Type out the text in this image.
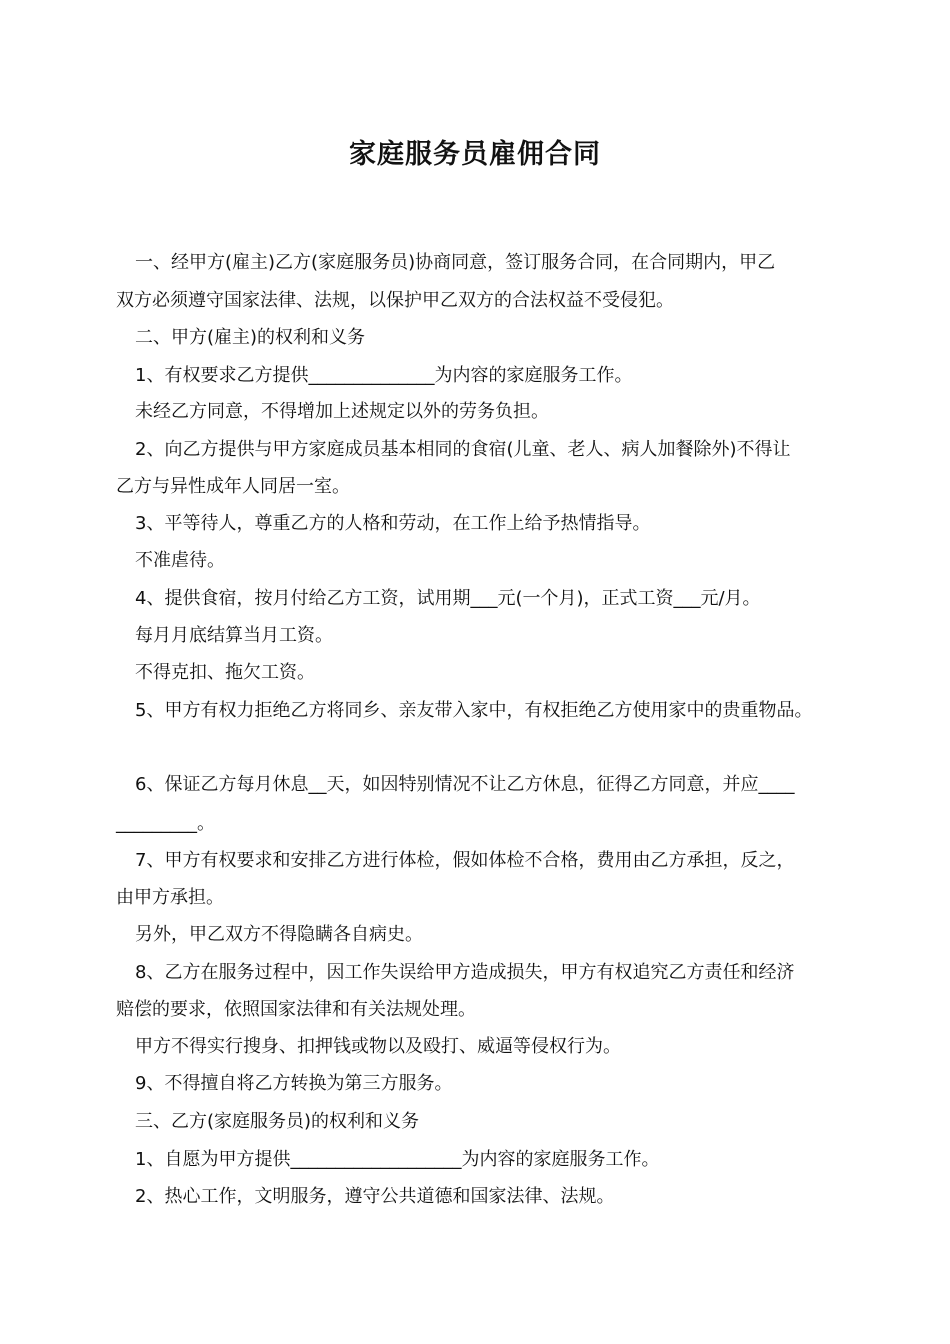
家庭服务员雇佣合同
一、经甲方(雇主)乙方(家庭服务员)协商同意，签订服务合同，在合同期内，甲乙
双方必须遵守国家法律、法规，以保护甲乙双方的合法权益不受侵犯。
二、甲方(雇主)的权利和义务
1、有权要求乙方提供______________为内容的家庭服务工作。
未经乙方同意，不得增加上述规定以外的劳务负担。
2、向乙方提供与甲方家庭成员基本相同的食宿(儿童、老人、病人加餐除外)不得让
乙方与异性成年人同居一室。
3、平等待人，尊重乙方的人格和劳动，在工作上给予热情指导。
不准虐待。
4、提供食宿，按月付给乙方工资，试用期___元(一个月)，正式工资___元/月。
每月月底结算当月工资。
不得克扣、拖欠工资。
5、甲方有权力拒绝乙方将同乡、亲友带入家中，有权拒绝乙方使用家中的贵重物品。
6、保证乙方每月休息__天，如因特别情况不让乙方休息，征得乙方同意，并应____
_________。
7、甲方有权要求和安排乙方进行体检，假如体检不合格，费用由乙方承担，反之，
由甲方承担。
另外，甲乙双方不得隐瞒各自病史。
8、乙方在服务过程中，因工作失误给甲方造成损失，甲方有权追究乙方责任和经济
赔偿的要求，依照国家法律和有关法规处理。
甲方不得实行搜身、扣押钱或物以及殴打、威逼等侵权行为。
9、不得擅自将乙方转换为第三方服务。
三、乙方(家庭服务员)的权利和义务
1、自愿为甲方提供___________________为内容的家庭服务工作。
2、热心工作，文明服务，遵守公共道德和国家法律、法规。
